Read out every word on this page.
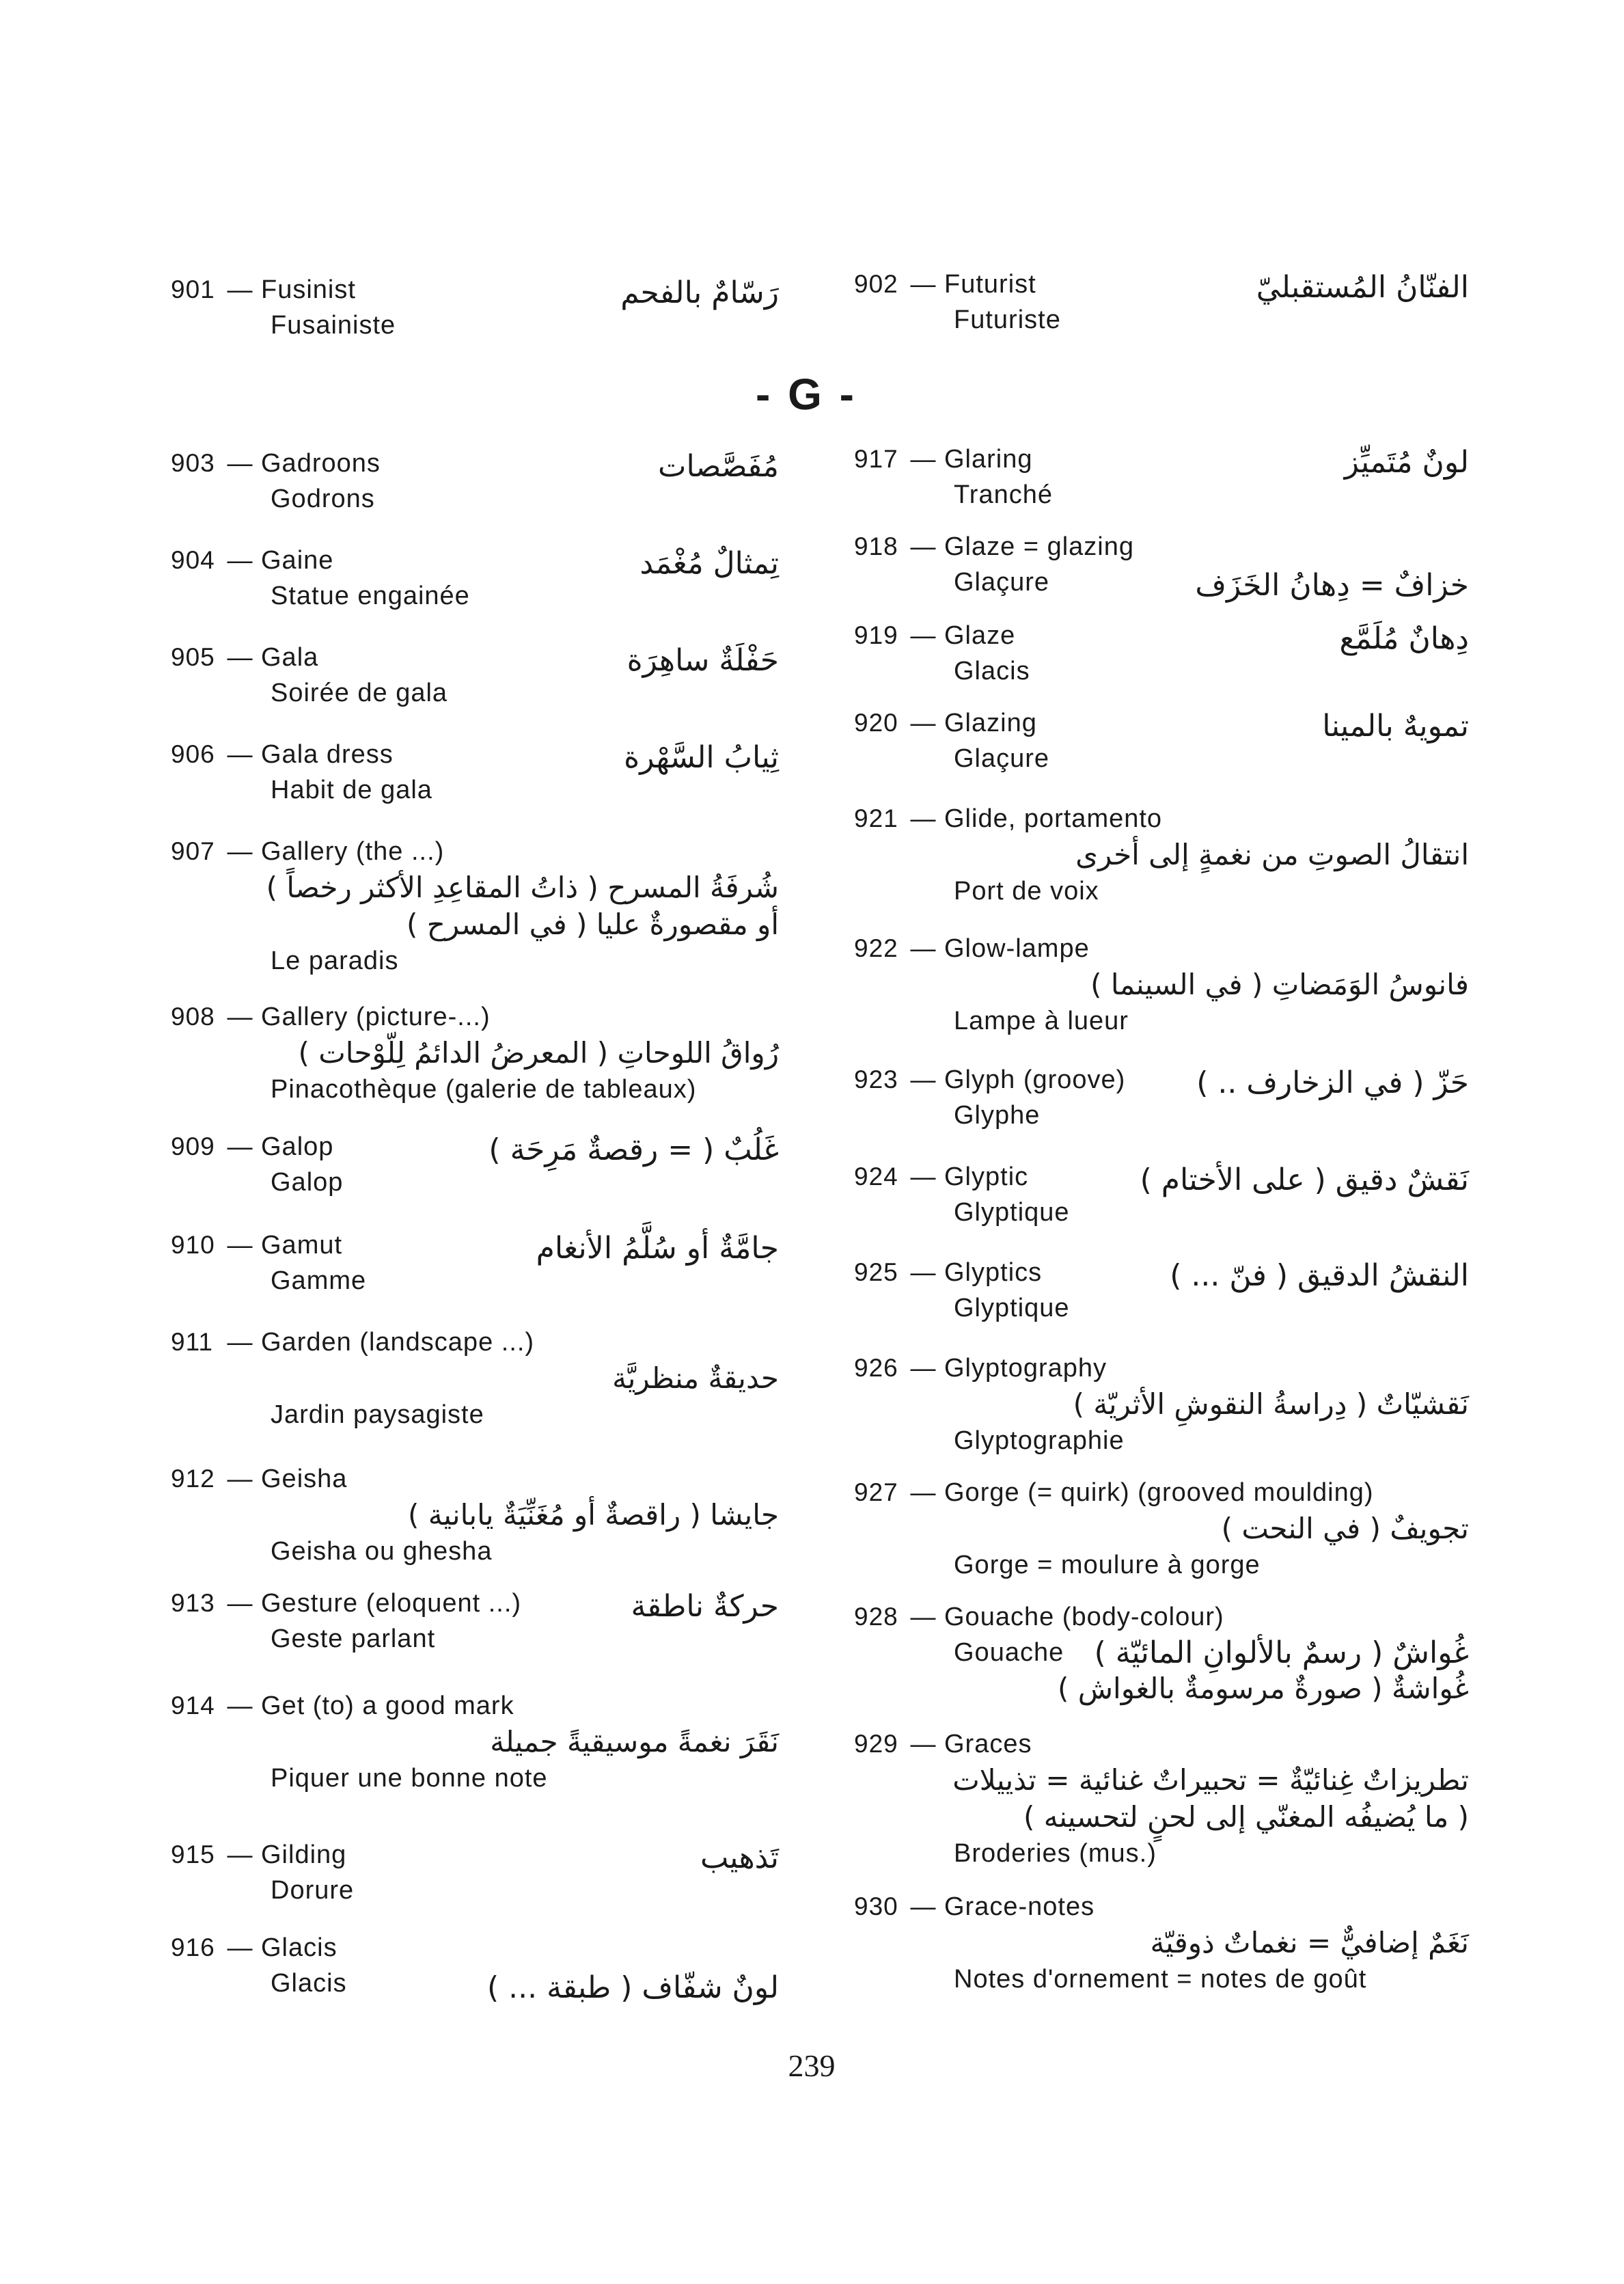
- G -
901 — Fusinist
Fusainiste
رَسّامٌ بالفحم
903 — Gadroons
Godrons
مُفَصَّصات
904 — Gaine
Statue engainée
تِمثالٌ مُغْمَد
905 — Gala
Soirée de gala
حَفْلَةٌ ساهِرَة
906 — Gala dress
Habit de gala
ثِيابُ السَّهْرة
907 — Gallery (the ...)
شُرفَةُ المسرح ( ذاتُ المقاعِدِ الأكثر رخصاً )
أو مقصورةٌ عليا ( في المسرح )
Le paradis
908 — Gallery (picture-...)
رُواقُ اللوحاتِ ( المعرضُ الدائمُ لِلّوْحات )
Pinacothèque (galerie de tableaux)
909 — Galop
Galop
غَلُبٌ ( = رقصةٌ مَرِحَة )
910 — Gamut
Gamme
جامَّةٌ أو سُلَّمُ الأنغام
911 — Garden (landscape ...)
حديقةٌ منظريَّة
Jardin paysagiste
912 — Geisha
جايشا ( راقصةٌ أو مُغَنِّيَةٌ يابانية )
Geisha ou ghesha
913 — Gesture (eloquent ...)
Geste parlant
حركةٌ ناطقة
914 — Get (to) a good mark
نَقَرَ نغمةً موسيقيةً جميلة
Piquer une bonne note
915 — Gilding
Dorure
تَذهيب
916 — Glacis
Glacis	لونٌ شفّاف ( طبقة ... )
902 — Futurist
Futuriste
الفنّانُ المُستقبليّ
917 — Glaring
Tranché
لونٌ مُتَميِّز
918 — Glaze = glazing
Glaçure	خزافٌ = دِهانُ الخَزَف
919 — Glaze
Glacis
دِهانٌ مُلَمَّع
920 — Glazing
Glaçure
تمويهٌ بالمينا
921 — Glide, portamento
انتقالُ الصوتِ من نغمةٍ إلى أخرى
Port de voix
922 — Glow-lampe
فانوسُ الوَمَضاتِ ( في السينما )
Lampe à lueur
923 — Glyph (groove)
Glyphe
حَزّ ( في الزخارف .. )
924 — Glyptic
Glyptique
نَقشٌ دقيق ( على الأختام )
925 — Glyptics
Glyptique
النقشُ الدقيق ( فنّ ... )
926 — Glyptography
نَقشيّاتٌ ( دِراسةُ النقوشِ الأثريّة )
Glyptographie
927 — Gorge (= quirk) (grooved moulding)
تجويفٌ ( في النحت )
Gorge = moulure à gorge
928 — Gouache (body-colour)
Gouache غُواشٌ ( رسمٌ بالألوانِ المائيّة )
غُواشةٌ ( صورةٌ مرسومةٌ بالغواش )
929 — Graces
تطريزاتٌ غِنائيّةٌ = تحبيراتٌ غنائية = تذييلات
( ما يُضيفُه المغنّي إلى لحنٍ لتحسينه )
Broderies (mus.)
930 — Grace-notes
نَغَمٌ إضافيٌّ = نغماتٌ ذوقيّة
Notes d'ornement = notes de goût
239
